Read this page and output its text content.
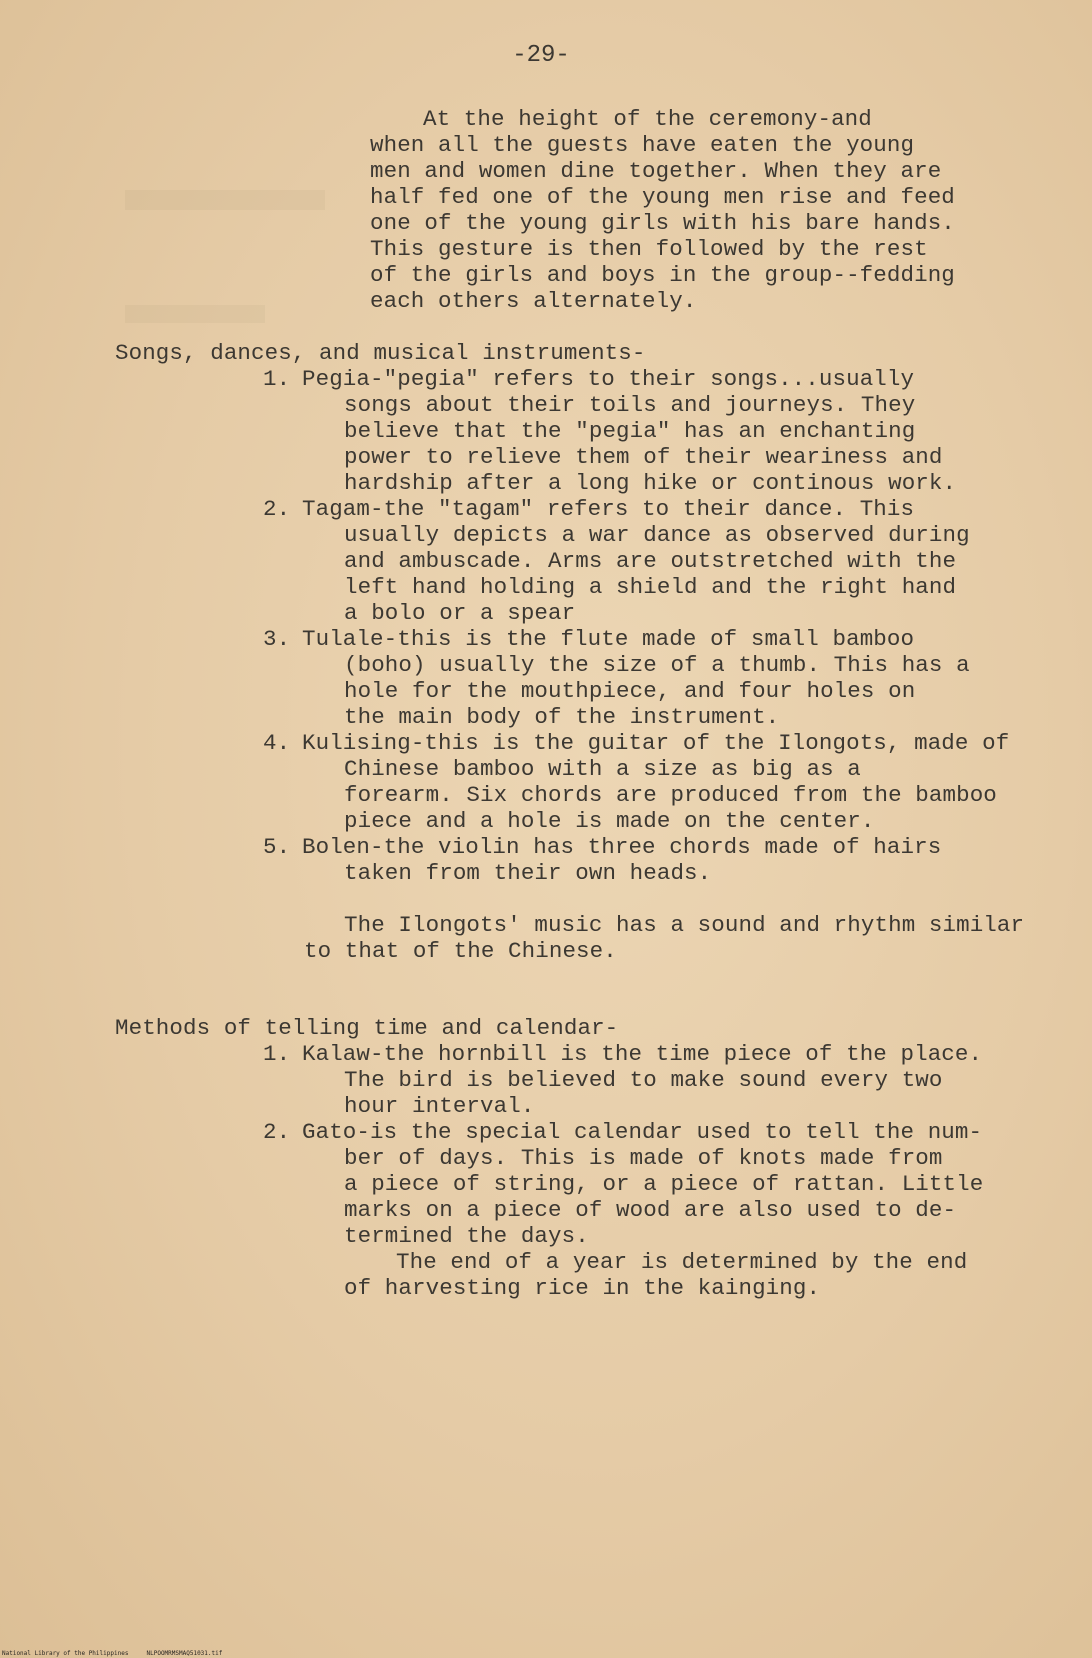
-29-
At the height of the ceremony-and
when all the guests have eaten the young
men and women dine together. When they are
half fed one of the young men rise and feed
one of the young girls with his bare hands.
This gesture is then followed by the rest
of the girls and boys in the group--fedding
each others alternately.
Songs, dances, and musical instruments-
1. Pegia-"pegia" refers to their songs...usually
songs about their toils and journeys. They
believe that the "pegia" has an enchanting
power to relieve them of their weariness and
hardship after a long hike or continous work.
2. Tagam-the "tagam" refers to their dance. This
usually depicts a war dance as observed during
and ambuscade. Arms are outstretched with the
left hand holding a shield and the right hand
a bolo or a spear
3. Tulale-this is the flute made of small bamboo
(boho) usually the size of a thumb. This has a
hole for the mouthpiece, and four holes on
the main body of the instrument.
4. Kulising-this is the guitar of the Ilongots, made of
Chinese bamboo with a size as big as a
forearm. Six chords are produced from the bamboo
piece and a hole is made on the center.
5. Bolen-the violin has three chords made of hairs
taken from their own heads.
The Ilongots' music has a sound and rhythm similar
to that of the Chinese.
Methods of telling time and calendar-
1. Kalaw-the hornbill is the time piece of the place.
The bird is believed to make sound every two
hour interval.
2. Gato-is the special calendar used to tell the num-
ber of days. This is made of knots made from
a piece of string, or a piece of rattan. Little
marks on a piece of wood are also used to de-
termined the days.
The end of a year is determined by the end
of harvesting rice in the kainging.
National Library of the Philippines     NLPOOMRMSMAQ51031.tif
